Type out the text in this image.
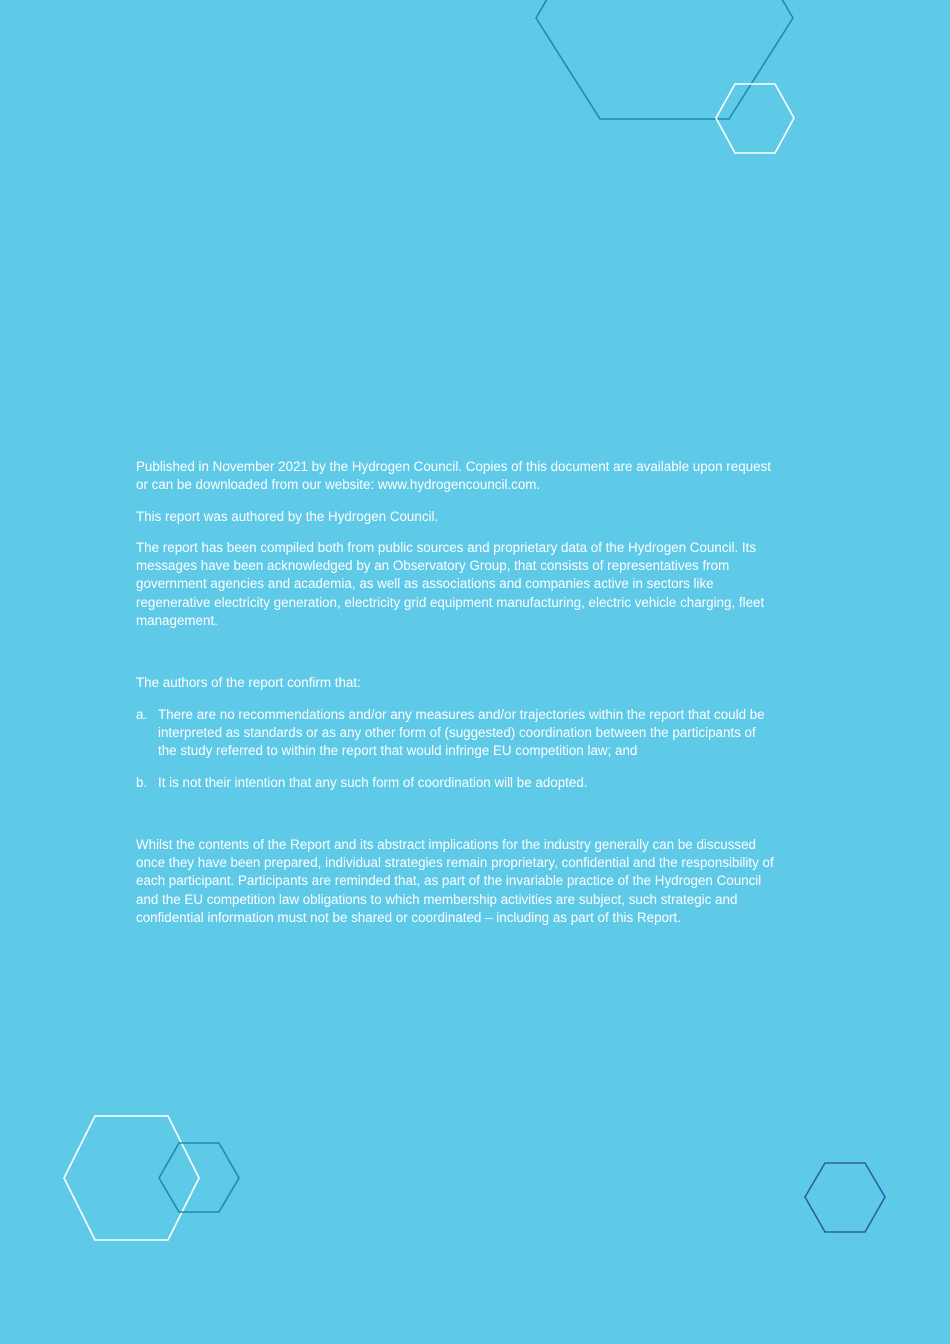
Published in November 2021 by the Hydrogen Council. Copies of this document are available upon request or can be downloaded from our website: www.hydrogencouncil.com.

This report was authored by the Hydrogen Council.

The report has been compiled both from public sources and proprietary data of the Hydrogen Council. Its messages have been acknowledged by an Observatory Group, that consists of representatives from government agencies and academia, as well as associations and companies active in sectors like regenerative electricity generation, electricity grid equipment manufacturing, electric vehicle charging, fleet management.

The authors of the report confirm that:

a. There are no recommendations and/or any measures and/or trajectories within the report that could be interpreted as standards or as any other form of (suggested) coordination between the participants of the study referred to within the report that would infringe EU competition law; and
b. It is not their intention that any such form of coordination will be adopted.

Whilst the contents of the Report and its abstract implications for the industry generally can be discussed once they have been prepared, individual strategies remain proprietary, confidential and the responsibility of each participant. Participants are reminded that, as part of the invariable practice of the Hydrogen Council and the EU competition law obligations to which membership activities are subject, such strategic and confidential information must not be shared or coordinated – including as part of this Report.
